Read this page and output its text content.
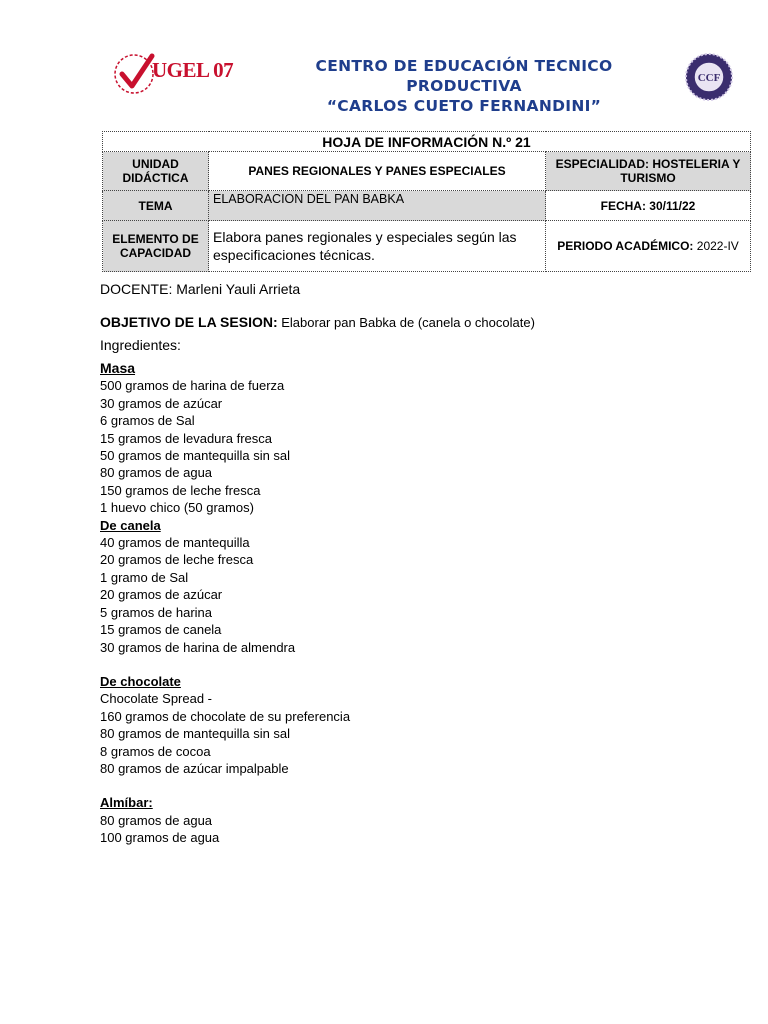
UGEL 07	CENTRO DE EDUCACIÓN TECNICO PRODUCTIVA
“CARLOS CUETO FERNANDINI”
CCF
HOJA DE INFORMACIÓN N.º 21		
UNIDAD DIDÁCTICA	PANES REGIONALES Y PANES ESPECIALES	ESPECIALIDAD: HOSTELERIA Y TURISMO
TEMA	ELABORACION DEL PAN BABKA	FECHA: 30/11/22
ELEMENTO DE CAPACIDAD	Elabora panes regionales y especiales según las especificaciones técnicas.	PERIODO ACADÉMICO: 2022-IV
DOCENTE: Marleni Yauli Arrieta
OBJETIVO DE LA SESION: Elaborar pan Babka de (canela o chocolate)
Ingredientes:
Masa
500 gramos de harina de fuerza
30 gramos de azúcar
6 gramos de Sal
15 gramos de levadura fresca
50 gramos de mantequilla sin sal
80 gramos de agua
150 gramos de leche fresca
1 huevo chico (50 gramos)
De canela
40 gramos de mantequilla
20 gramos de leche fresca
1 gramo de Sal
20 gramos de azúcar
5 gramos de harina
15 gramos de canela
30 gramos de harina de almendra
De chocolate
Chocolate Spread -
160 gramos de chocolate de su preferencia
80 gramos de mantequilla sin sal
8 gramos de cocoa
80 gramos de azúcar impalpable
Almíbar:
80 gramos de agua
100 gramos de agua
